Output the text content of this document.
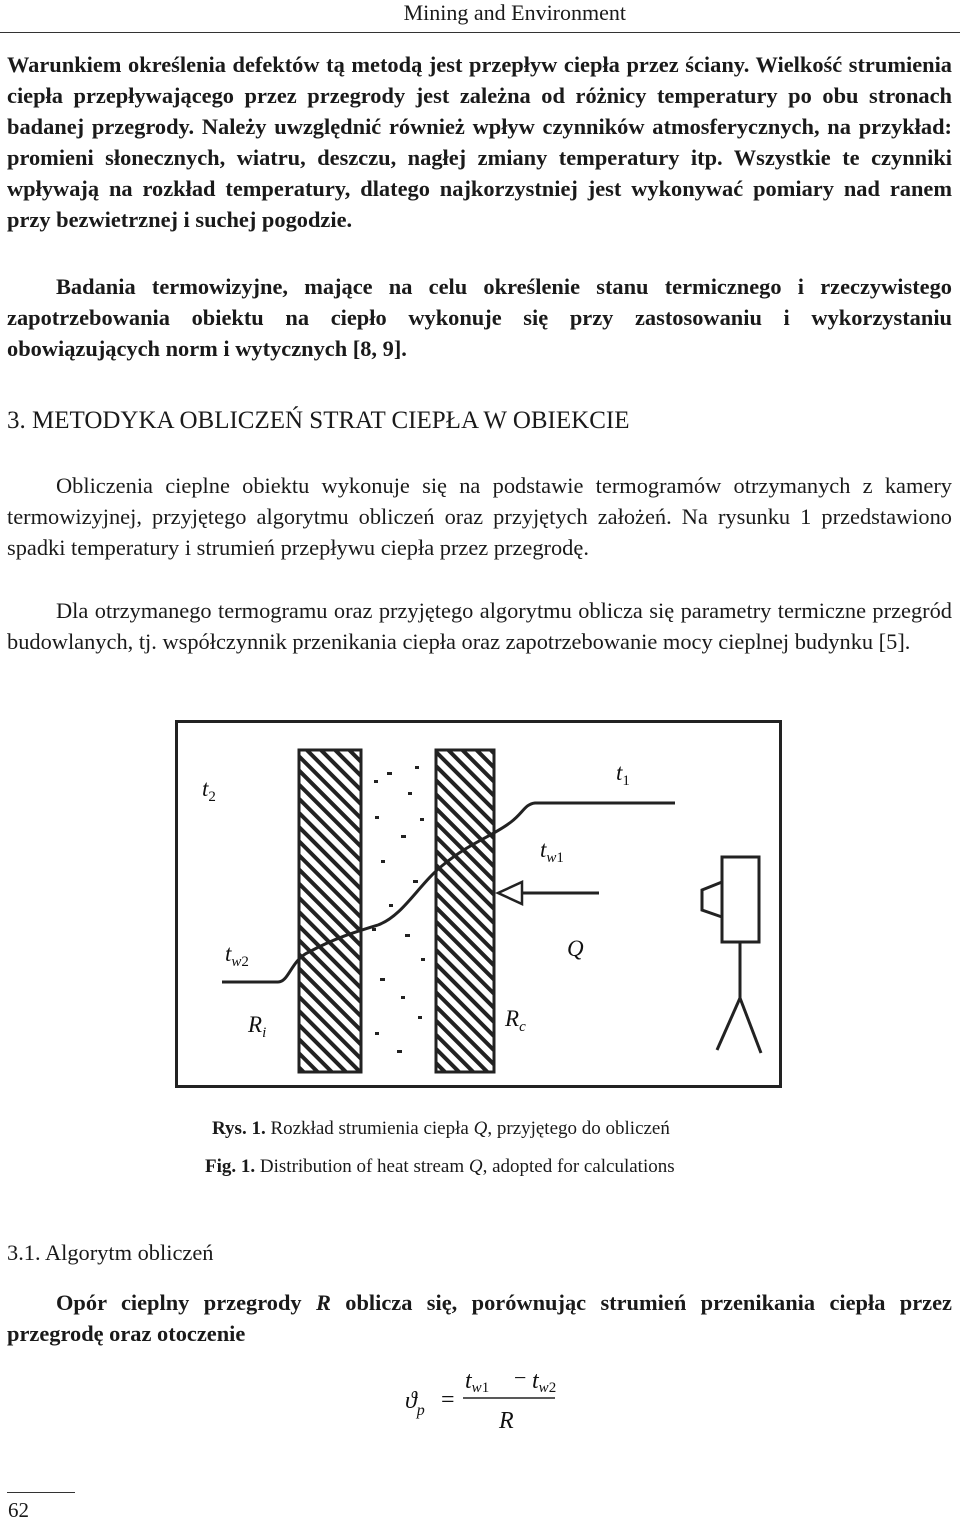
Mining and Environment
Warunkiem określenia defektów tą metodą jest przepływ ciepła przez ściany. Wielkość strumienia ciepła przepływającego przez przegrody jest zależna od różnicy temperatury po obu stronach badanej przegrody. Należy uwzględnić również wpływ czynników atmosferycznych, na przykład: promieni słonecznych, wiatru, deszczu, nagłej zmiany temperatury itp. Wszystkie te czynniki wpływają na rozkład temperatury, dlatego najkorzystniej jest wykonywać pomiary nad ranem przy bezwietrznej i suchej pogodzie.
Badania termowizyjne, mające na celu określenie stanu termicznego i rzeczywistego zapotrzebowania obiektu na ciepło wykonuje się przy zastosowaniu i wykorzystaniu obowiązujących norm i wytycznych [8, 9].
3. METODYKA OBLICZEŃ STRAT CIEPŁA W OBIEKCIE
Obliczenia cieplne obiektu wykonuje się na podstawie termogramów otrzymanych z kamery termowizyjnej, przyjętego algorytmu obliczeń oraz przyjętych założeń. Na rysunku 1 przedstawiono spadki temperatury i strumień przepływu ciepła przez przegrodę.
Dla otrzymanego termogramu oraz przyjętego algorytmu oblicza się parametry termiczne przegród budowlanych, tj. współczynnik przenikania ciepła oraz zapotrzebowanie mocy cieplnej budynku [5].
$t_2$
$t_1$
$t_w1$
$t_w2$
Q
$R_i$
$R_c$
Rys. 1. Rozkład strumienia ciepła Q, przyjętego do obliczeń
Fig. 1. Distribution of heat stream Q, adopted for calculations
3.1. Algorytm obliczeń
Opór cieplny przegrody R oblicza się, porównując strumień przenikania ciepła przez przegrodę oraz otoczenie
$ϑ_p$ =
tw1 − tw2
R
62
